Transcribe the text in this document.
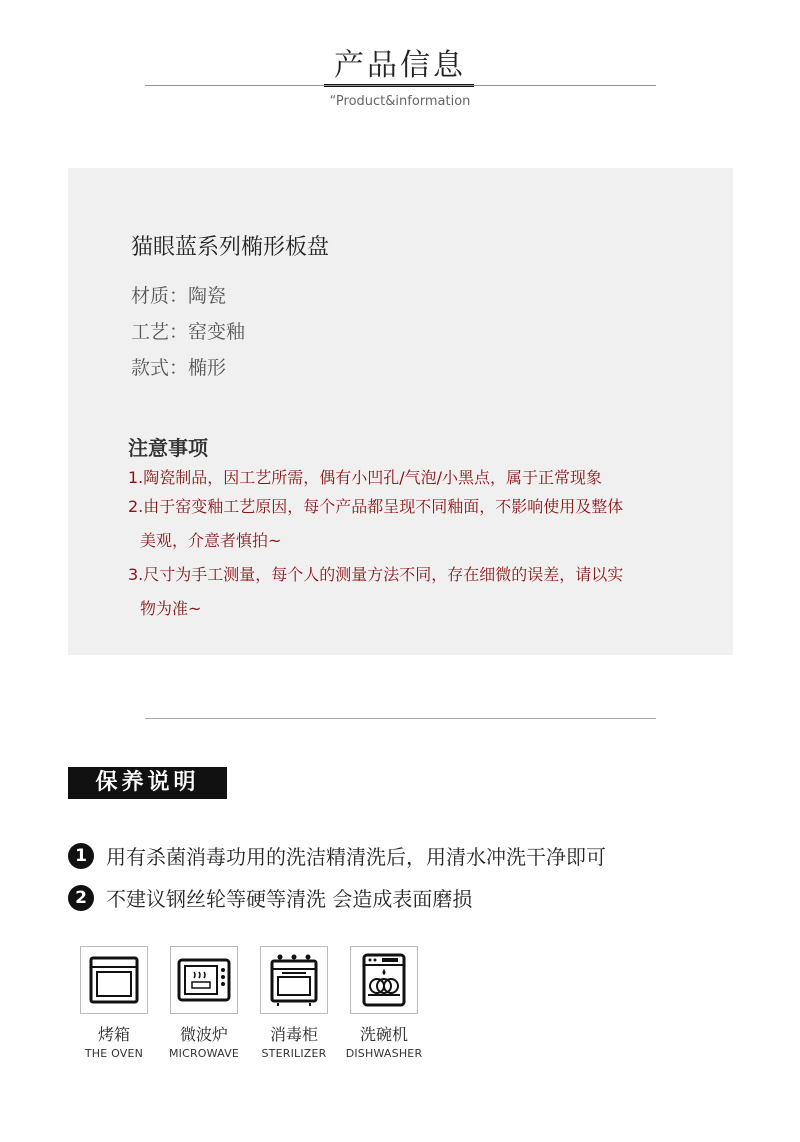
产品信息
“Product&information
猫眼蓝系列椭形板盘
材质：陶瓷
工艺：窑变釉
款式：椭形
注意事项
1.陶瓷制品，因工艺所需，偶有小凹孔/气泡/小黑点，属于正常现象
2.由于窑变釉工艺原因，每个产品都呈现不同釉面，不影响使用及整体
美观，介意者慎拍~
3.尺寸为手工测量，每个人的测量方法不同，存在细微的误差，请以实
物为准~
保养说明
1 用有杀菌消毒功用的洗洁精清洗后，用清水冲洗干净即可
2 不建议钢丝轮等硬等清洗 会造成表面磨损
烤箱
THE OVEN
微波炉
MICROWAVE
消毒柜
STERILIZER
洗碗机
DISHWASHER
